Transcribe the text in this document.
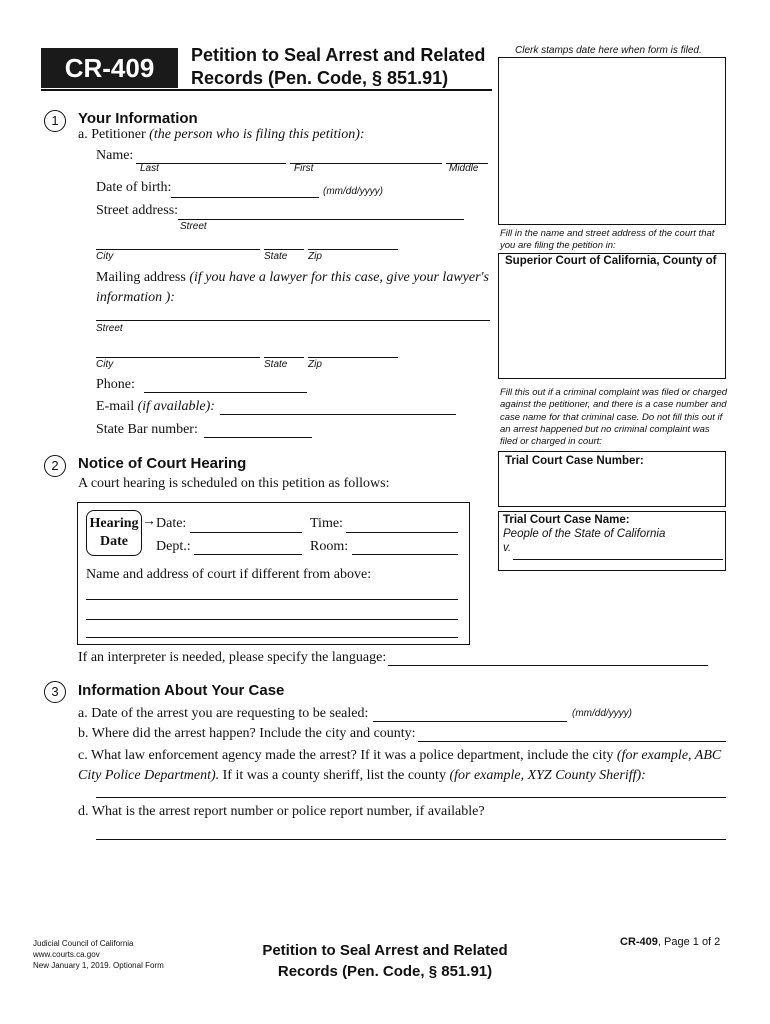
CR-409	Petition to Seal Arrest and Related
Records (Pen. Code, § 851.91)
Clerk stamps date here when form is filed.
Fill in the name and street address of the court that you are filing the petition in:
Superior Court of California, County of
Fill this out if a criminal complaint was filed or charged against the petitioner, and there is a case number and case name for that criminal case. Do not fill this out if an arrest happened but no criminal complaint was filed or charged in court:
Trial Court Case Number:
Trial Court Case Name:
People of the State of California
v.
1	Your Information
a. Petitioner (the person who is filing this petition):
Name:
Last	First	Middle
Date of birth:	(mm/dd/yyyy)
Street address:
Street
City	State Zip
Mailing address (if you have a lawyer for this case, give your lawyer's information ):
Street
City	State Zip
Phone:
E-mail (if available):
State Bar number:
2	Notice of Court Hearing
A court hearing is scheduled on this petition as follows:
Hearing
Date
→ Date:	Time:
Dept.:	Room:
Name and address of court if different from above:
If an interpreter is needed, please specify the language:
3	Information About Your Case
a. Date of the arrest you are requesting to be sealed:	(mm/dd/yyyy)
b. Where did the arrest happen? Include the city and county:
c. What law enforcement agency made the arrest? If it was a police department, include the city (for example, ABC City Police Department). If it was a county sheriff, list the county (for example, XYZ County Sheriff):
d. What is the arrest report number or police report number, if available?
Judicial Council of California
www.courts.ca.gov
New January 1, 2019. Optional Form
Petition to Seal Arrest and Related
Records (Pen. Code, § 851.91)
CR-409, Page 1 of 2
